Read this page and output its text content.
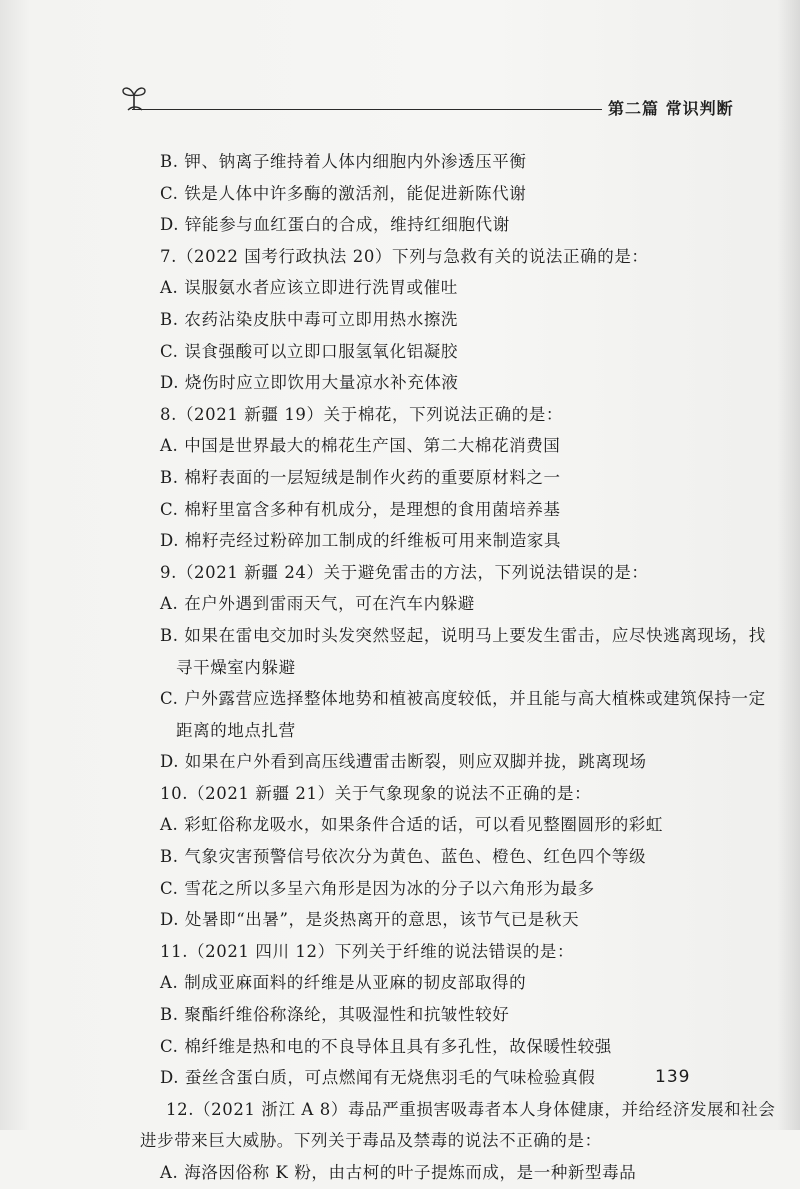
第二篇 常识判断
B. 钾、钠离子维持着人体内细胞内外渗透压平衡
C. 铁是人体中许多酶的激活剂，能促进新陈代谢
D. 锌能参与血红蛋白的合成，维持红细胞代谢
7.（2022 国考行政执法 20）下列与急救有关的说法正确的是：
A. 误服氨水者应该立即进行洗胃或催吐
B. 农药沾染皮肤中毒可立即用热水擦洗
C. 误食强酸可以立即口服氢氧化铝凝胶
D. 烧伤时应立即饮用大量凉水补充体液
8.（2021 新疆 19）关于棉花，下列说法正确的是：
A. 中国是世界最大的棉花生产国、第二大棉花消费国
B. 棉籽表面的一层短绒是制作火药的重要原材料之一
C. 棉籽里富含多种有机成分，是理想的食用菌培养基
D. 棉籽壳经过粉碎加工制成的纤维板可用来制造家具
9.（2021 新疆 24）关于避免雷击的方法，下列说法错误的是：
A. 在户外遇到雷雨天气，可在汽车内躲避
B. 如果在雷电交加时头发突然竖起，说明马上要发生雷击，应尽快逃离现场，找
寻干燥室内躲避
C. 户外露营应选择整体地势和植被高度较低，并且能与高大植株或建筑保持一定
距离的地点扎营
D. 如果在户外看到高压线遭雷击断裂，则应双脚并拢，跳离现场
10.（2021 新疆 21）关于气象现象的说法不正确的是：
A. 彩虹俗称龙吸水，如果条件合适的话，可以看见整圈圆形的彩虹
B. 气象灾害预警信号依次分为黄色、蓝色、橙色、红色四个等级
C. 雪花之所以多呈六角形是因为冰的分子以六角形为最多
D. 处暑即“出暑”，是炎热离开的意思，该节气已是秋天
11.（2021 四川 12）下列关于纤维的说法错误的是：
A. 制成亚麻面料的纤维是从亚麻的韧皮部取得的
B. 聚酯纤维俗称涤纶，其吸湿性和抗皱性较好
C. 棉纤维是热和电的不良导体且具有多孔性，故保暖性较强
D. 蚕丝含蛋白质，可点燃闻有无烧焦羽毛的气味检验真假
12.（2021 浙江 A 8）毒品严重损害吸毒者本人身体健康，并给经济发展和社会
进步带来巨大威胁。下列关于毒品及禁毒的说法不正确的是：
A. 海洛因俗称 K 粉，由古柯的叶子提炼而成，是一种新型毒品
139
